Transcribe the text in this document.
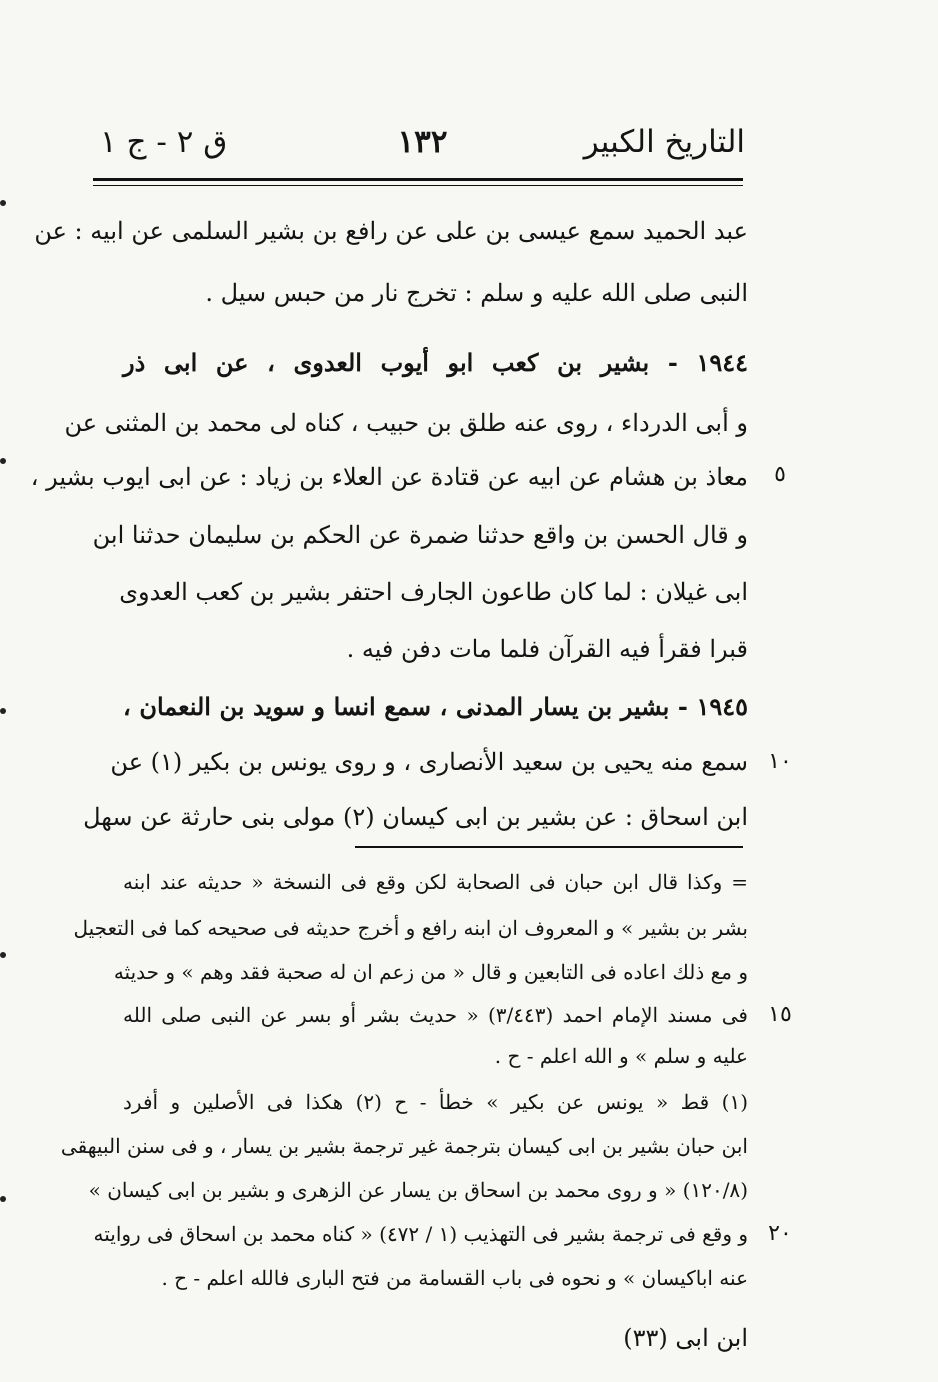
التاريخ الكبير
١٣٢
ق ٢ - ج ١
عبد الحميد سمع عيسى بن على عن رافع بن بشير السلمى عن ابيه : عن
النبى صلى الله عليه و سلم : تخرج نار من حبس سيل .
١٩٤٤ - بشير بن كعب ابو أيوب العدوى ، عن ابى ذر
و أبى الدرداء ، روى عنه طلق بن حبيب ، كناه لى محمد بن المثنى عن
معاذ بن هشام عن ابيه عن قتادة عن العلاء بن زياد : عن ابى ايوب بشير ،	٥
و قال الحسن بن واقع حدثنا ضمرة عن الحكم بن سليمان حدثنا ابن
ابى غيلان : لما كان طاعون الجارف احتفر بشير بن كعب العدوى
قبرا فقرأ فيه القرآن فلما مات دفن فيه .
١٩٤٥ - بشير بن يسار المدنى ، سمع انسا و سويد بن النعمان ،
سمع منه يحيى بن سعيد الأنصارى ، و روى يونس بن بكير (١) عن ١٠
ابن اسحاق : عن بشير بن ابى كيسان (٢) مولى بنى حارثة عن سهل
= وكذا قال ابن حبان فى الصحابة لكن وقع فى النسخة « حديثه عند ابنه
بشر بن بشير » و المعروف ان ابنه رافع و أخرج حديثه فى صحيحه كما فى التعجيل
و مع ذلك اعاده فى التابعين و قال « من زعم ان له صحبة فقد وهم » و حديثه
فى مسند الإمام احمد (٣/٤٤٣) « حديث بشر أو بسر عن النبى صلى الله ١٥
عليه و سلم » و الله اعلم - ح .
(١) قط « يونس عن بكير » خطأ - ح (٢) هكذا فى الأصلين و أفرد
ابن حبان بشير بن ابى كيسان بترجمة غير ترجمة بشير بن يسار ، و فى سنن البيهقى
(١٢٠/٨) « و روى محمد بن اسحاق بن يسار عن الزهرى و بشير بن ابى كيسان »
و وقع فى ترجمة بشير فى التهذيب (١ / ٤٧٢) « كناه محمد بن اسحاق فى روايته ٢٠
عنه اباكيسان » و نحوه فى باب القسامة من فتح البارى فالله اعلم - ح .
ابن ابى (٣٣)
